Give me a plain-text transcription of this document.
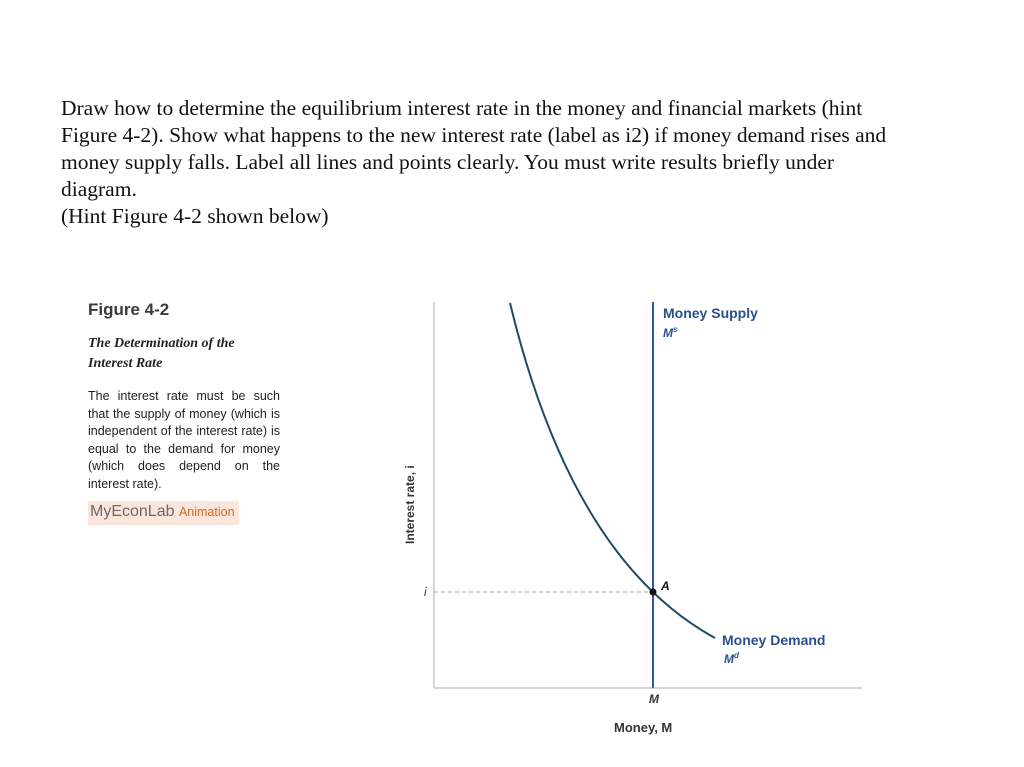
Draw how to determine the equilibrium interest rate in the money and financial markets (hint

Figure 4-2). Show what happens to the new interest rate (label as i2) if money demand rises and

money supply falls. Label all lines and points clearly. You must write results briefly under

diagram.

(Hint Figure 4-2 shown below)

Figure 4-2

The Determination of the
Interest Rate

The interest rate must be such that the supply of money (which is independent of the interest rate) is equal to the demand for money (which does depend on the interest rate).

MyEconLab Animation
A
Money Supply
$M^s$
Money Demand
$M^d$
i
M
Money, M
Interest rate, i
